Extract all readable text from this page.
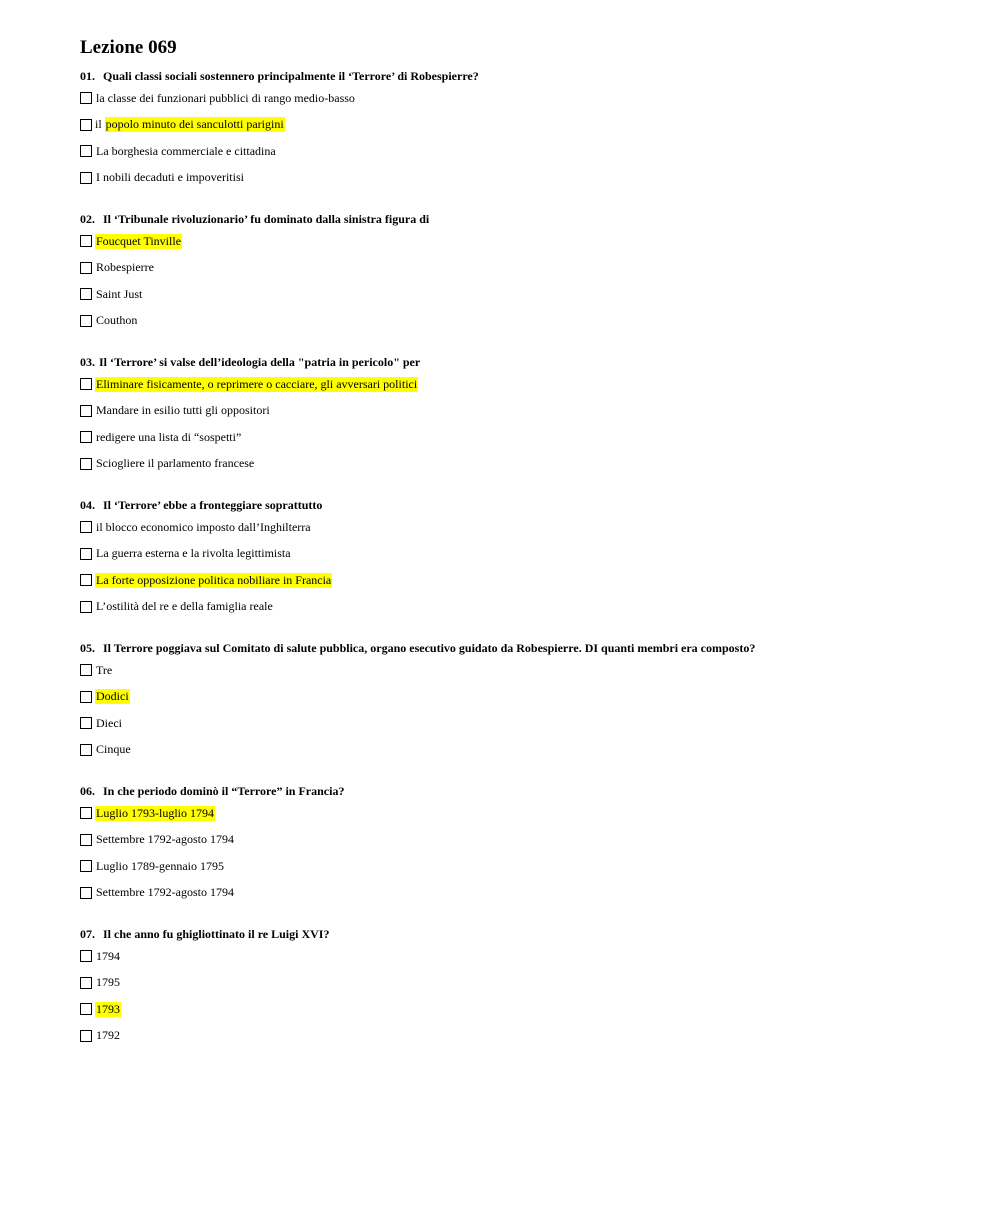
Lezione 069
01. Quali classi sociali sostennero principalmente il ‘Terrore’ di Robespierre?
la classe dei funzionari pubblici di rango medio-basso
il popolo minuto dei sanculotti parigini
La borghesia commerciale e cittadina
I nobili decaduti e impoveritisi
02. Il ‘Tribunale rivoluzionario’ fu dominato dalla sinistra figura di
Foucquet Tinville
Robespierre
Saint Just
Couthon
03. Il ‘Terrore’ si valse dell’ideologia della "patria in pericolo" per
Eliminare fisicamente, o reprimere o cacciare, gli avversari politici
Mandare in esilio tutti gli oppositori
redigere una lista di “sospetti”
Sciogliere il parlamento francese
04. Il ‘Terrore’ ebbe a fronteggiare soprattutto
il blocco economico imposto dall’Inghilterra
La guerra esterna e la rivolta legittimista
La forte opposizione politica nobiliare in Francia
L’ostilità del re e della famiglia reale
05. Il Terrore poggiava sul Comitato di salute pubblica, organo esecutivo guidato da Robespierre. DI quanti membri era composto?
Tre
Dodici
Dieci
Cinque
06. In che periodo dominò il “Terrore” in Francia?
Luglio 1793-luglio 1794
Settembre 1792-agosto 1794
Luglio 1789-gennaio 1795
Settembre 1792-agosto 1794
07. Il che anno fu ghigliottinato il re Luigi XVI?
1794
1795
1793
1792
